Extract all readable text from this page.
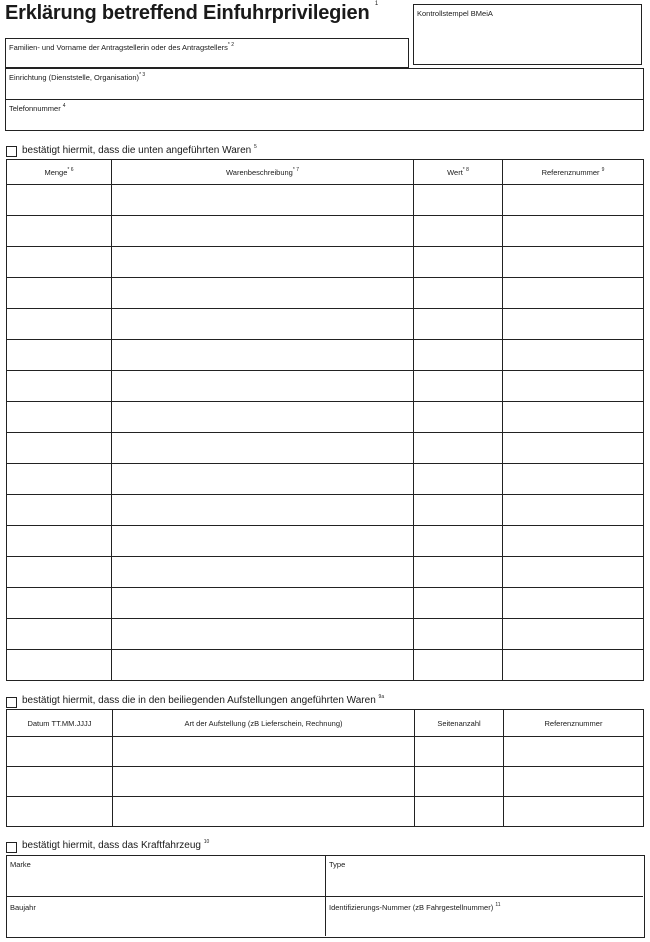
Erklärung betreffend Einfuhrprivilegien $^1$
Kontrollstempel BMeiA
Familien- und Vorname der Antragstellerin oder des Antragstellers$^{* 2}$
Einrichtung (Dienststelle, Organisation)$^{* 3}$
Telefonnummer $^4$
bestätigt hiermit, dass die unten angeführten Waren $^5$
Menge$^{* 6}$	Warenbeschreibung$^{* 7}$	Wert$^{* 8}$	Referenznummer $^9$

bestätigt hiermit, dass die in den beiliegenden Aufstellungen angeführten Waren $^{9a}$
Datum TT.MM.JJJJ	Art der Aufstellung (zB Lieferschein, Rechnung)	Seitenanzahl	Referenznummer

bestätigt hiermit, dass das Kraftfahrzeug $^{10}$
Marke	Type
Baujahr	Identifizierungs-Nummer (zB Fahrgestellnummer) $^{11}$
